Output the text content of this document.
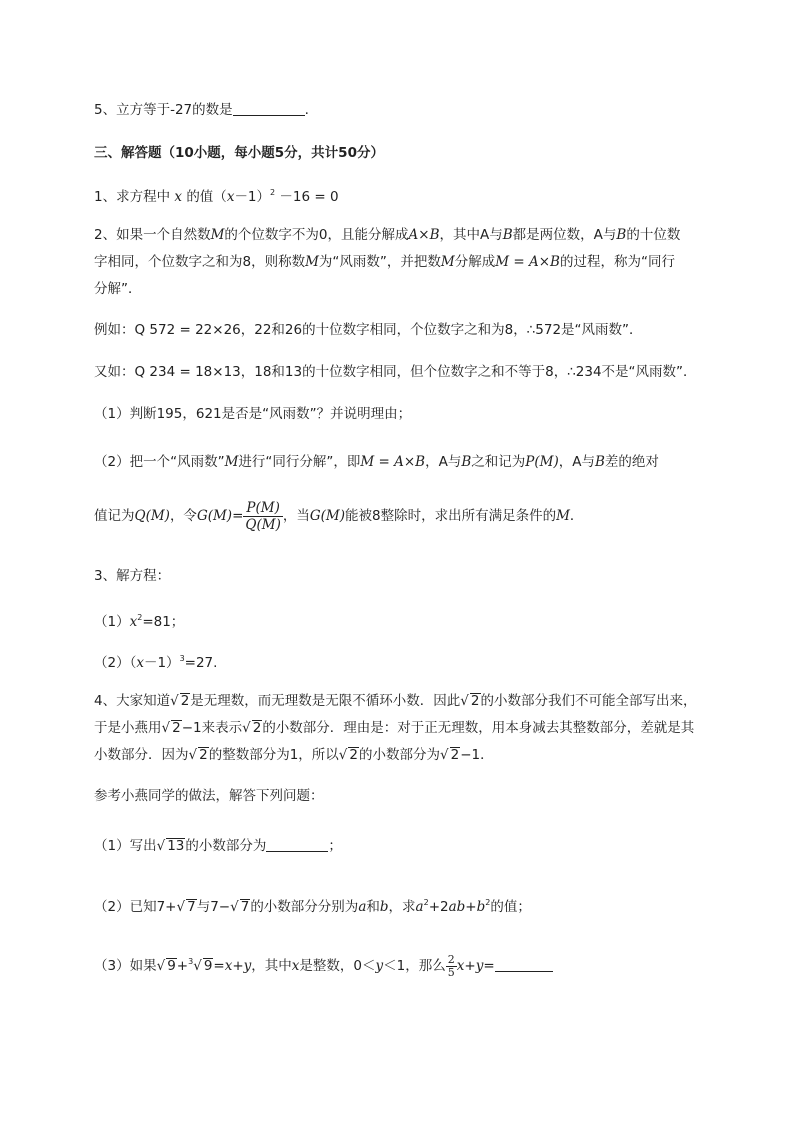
5、立方等于-27的数是	.
三、解答题（10小题，每小题5分，共计50分）
1、求方程中 x 的值$(x-1)^2 -16 = 0$
2、如果一个自然数M的个位数字不为0，且能分解成A×B，其中A与B都是两位数，A与B的十位数
字相同，个位数字之和为8，则称数M为“风雨数”，并把数M分解成M = A×B的过程，称为“同行
分解”．
例如：Q 572 = 22×26，22和26的十位数字相同，个位数字之和为8，∴572是“风雨数”．
又如：Q 234 = 18×13，18和13的十位数字相同，但个位数字之和不等于8，∴234不是“风雨数”．
（1）判断195，621是否是“风雨数”？并说明理由；
（2）把一个“风雨数”M进行“同行分解”，即M = A×B，A与B之和记为P(M)，A与B差的绝对
值记为Q(M)，令$G(M)= \frac{P(M)}{Q(M)}$ ，当G(M)能被8整除时，求出所有满足条件的M．
3、解方程：
$(1)x^2=81$；
$(2)(x-1)^3=27$.
4、大家知道√ 2是无理数，而无理数是无限不循环小数．因此√ 2的小数部分我们不可能全部写出来，
于是小燕用√ 2−1来表示√ 2的小数部分．理由是：对于正无理数，用本身减去其整数部分，差就是其
小数部分．因为√ 2的整数部分为1，所以√ 2的小数部分为√ 2−1．
参考小燕同学的做法，解答下列问题：
（1）写出√ 13的小数部分为	；
（2）已知7+√ 7与7−√ 7的小数部分分别为a和b，求$a^2+2ab+b^2$的值；
（3）如果√ 9+$^3$√ 9=x+y，其中x是整数，0＜y＜1，那么 $\frac{2}{5} x+y=$
